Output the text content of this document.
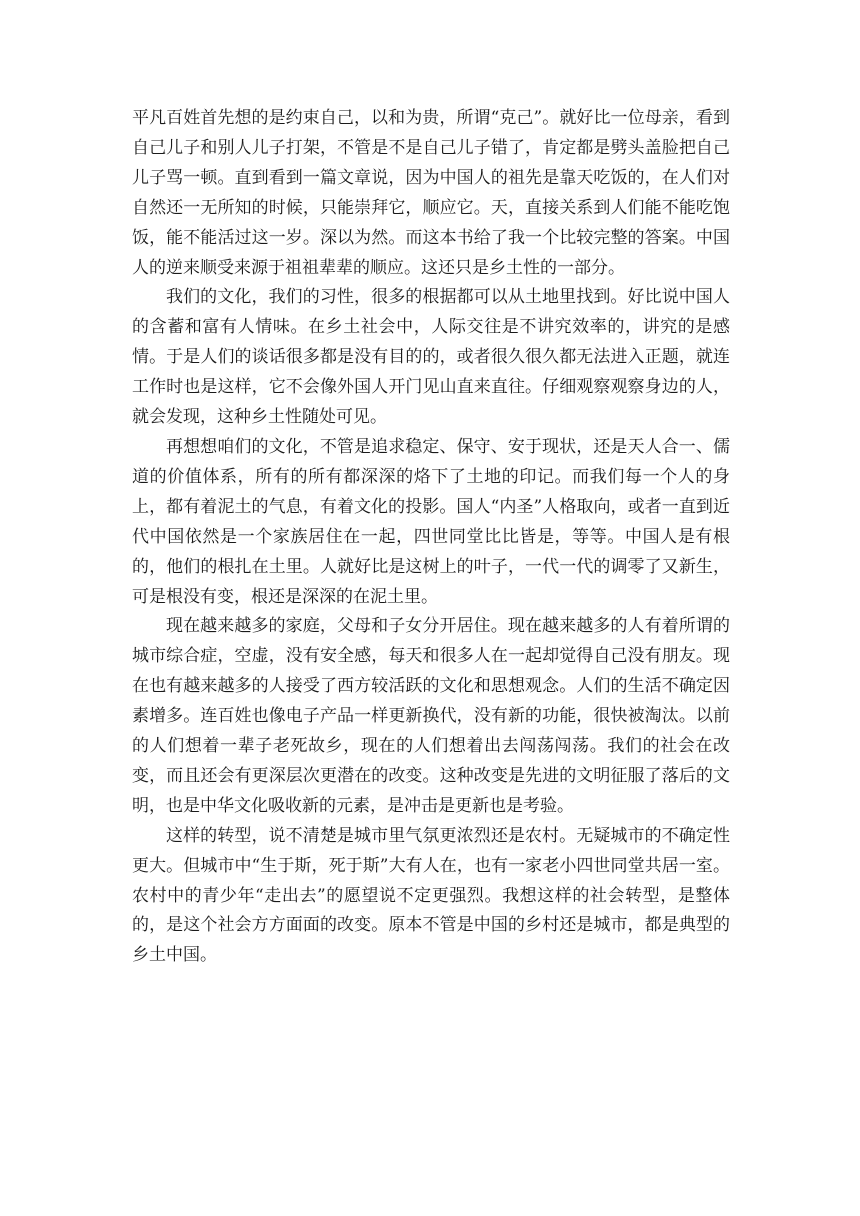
平凡百姓首先想的是约束自己，以和为贵，所谓“克己”。就好比一位母亲，看到自己儿子和别人儿子打架，不管是不是自己儿子错了，肯定都是劈头盖脸把自己儿子骂一顿。直到看到一篇文章说，因为中国人的祖先是靠天吃饭的，在人们对自然还一无所知的时候，只能崇拜它，顺应它。天，直接关系到人们能不能吃饱饭，能不能活过这一岁。深以为然。而这本书给了我一个比较完整的答案。中国人的逆来顺受来源于祖祖辈辈的顺应。这还只是乡土性的一部分。

我们的文化，我们的习性，很多的根据都可以从土地里找到。好比说中国人的含蓄和富有人情味。在乡土社会中，人际交往是不讲究效率的，讲究的是感情。于是人们的谈话很多都是没有目的的，或者很久很久都无法进入正题，就连工作时也是这样，它不会像外国人开门见山直来直往。仔细观察观察身边的人，就会发现，这种乡土性随处可见。

再想想咱们的文化，不管是追求稳定、保守、安于现状，还是天人合一、儒道的价值体系，所有的所有都深深的烙下了土地的印记。而我们每一个人的身上，都有着泥土的气息，有着文化的投影。国人“内圣”人格取向，或者一直到近代中国依然是一个家族居住在一起，四世同堂比比皆是，等等。中国人是有根的，他们的根扎在土里。人就好比是这树上的叶子，一代一代的调零了又新生，可是根没有变，根还是深深的在泥土里。

现在越来越多的家庭，父母和子女分开居住。现在越来越多的人有着所谓的城市综合症，空虚，没有安全感，每天和很多人在一起却觉得自己没有朋友。现在也有越来越多的人接受了西方较活跃的文化和思想观念。人们的生活不确定因素增多。连百姓也像电子产品一样更新换代，没有新的功能，很快被淘汰。以前的人们想着一辈子老死故乡，现在的人们想着出去闯荡闯荡。我们的社会在改变，而且还会有更深层次更潜在的改变。这种改变是先进的文明征服了落后的文明，也是中华文化吸收新的元素，是冲击是更新也是考验。

这样的转型，说不清楚是城市里气氛更浓烈还是农村。无疑城市的不确定性更大。但城市中“生于斯，死于斯”大有人在，也有一家老小四世同堂共居一室。农村中的青少年“走出去”的愿望说不定更强烈。我想这样的社会转型，是整体的，是这个社会方方面面的改变。原本不管是中国的乡村还是城市，都是典型的乡土中国。
